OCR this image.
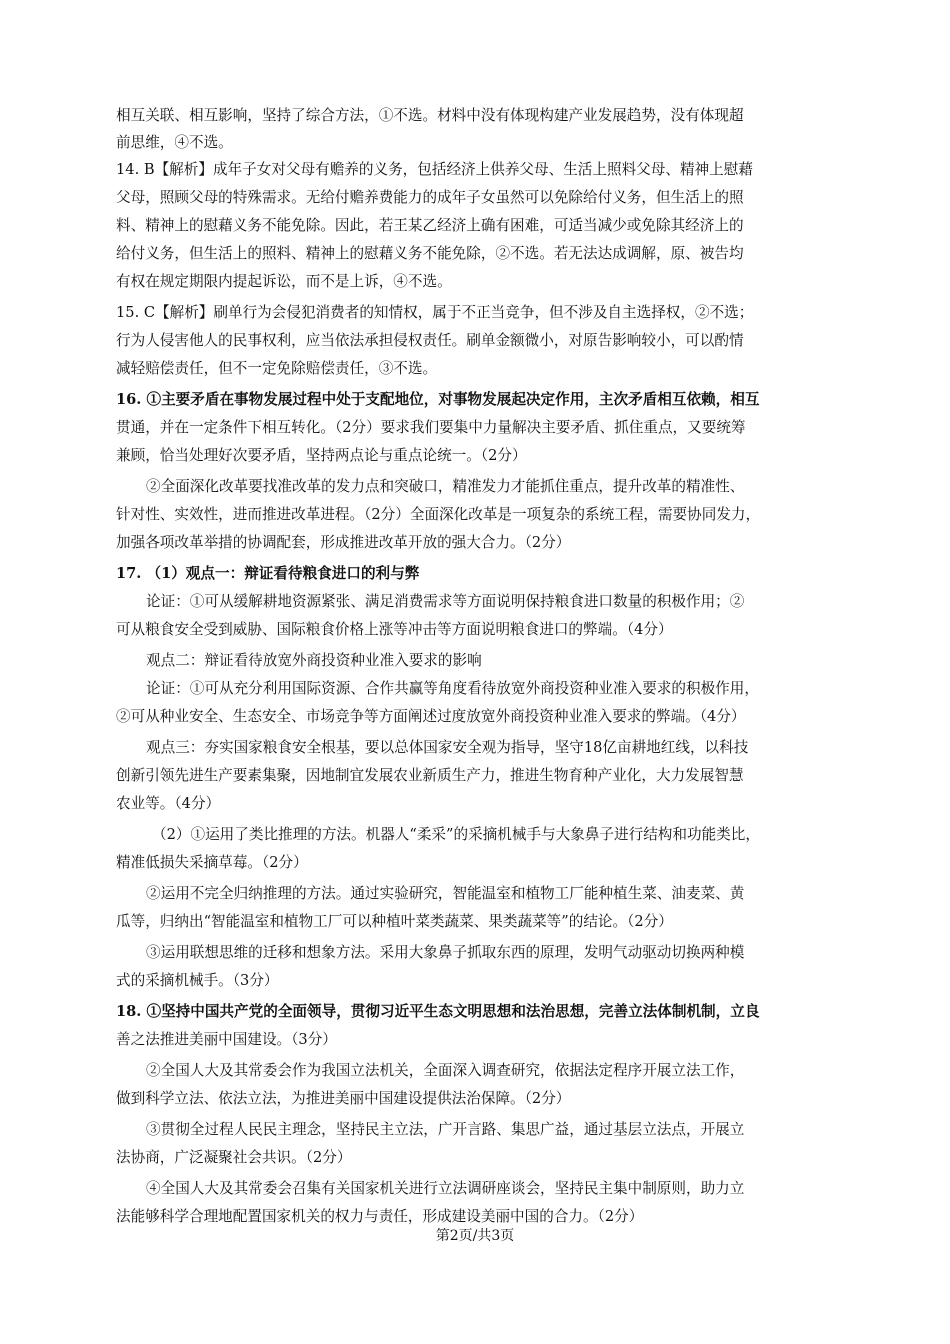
相互关联、相互影响，坚持了综合方法，①不选。材料中没有体现构建产业发展趋势，没有体现超
前思维，④不选。
14. B【解析】成年子女对父母有赡养的义务，包括经济上供养父母、生活上照料父母、精神上慰藉
父母，照顾父母的特殊需求。无给付赡养费能力的成年子女虽然可以免除给付义务，但生活上的照
料、精神上的慰藉义务不能免除。因此，若王某乙经济上确有困难，可适当减少或免除其经济上的
给付义务，但生活上的照料、精神上的慰藉义务不能免除，②不选。若无法达成调解，原、被告均
有权在规定期限内提起诉讼，而不是上诉，④不选。
15. C【解析】刷单行为会侵犯消费者的知情权，属于不正当竞争，但不涉及自主选择权，②不选；
行为人侵害他人的民事权利，应当依法承担侵权责任。刷单金额微小，对原告影响较小，可以酌情
减轻赔偿责任，但不一定免除赔偿责任，③不选。
16. ①主要矛盾在事物发展过程中处于支配地位，对事物发展起决定作用，主次矛盾相互依赖，相互
贯通，并在一定条件下相互转化。（2分）要求我们要集中力量解决主要矛盾、抓住重点，又要统筹
兼顾，恰当处理好次要矛盾，坚持两点论与重点论统一。（2分）
②全面深化改革要找准改革的发力点和突破口，精准发力才能抓住重点，提升改革的精准性、
针对性、实效性，进而推进改革进程。（2分）全面深化改革是一项复杂的系统工程，需要协同发力，
加强各项改革举措的协调配套，形成推进改革开放的强大合力。（2分）
17. （1）观点一：辩证看待粮食进口的利与弊
论证：①可从缓解耕地资源紧张、满足消费需求等方面说明保持粮食进口数量的积极作用；②
可从粮食安全受到威胁、国际粮食价格上涨等冲击等方面说明粮食进口的弊端。（4分）
观点二：辩证看待放宽外商投资种业准入要求的影响
论证：①可从充分利用国际资源、合作共赢等角度看待放宽外商投资种业准入要求的积极作用，
②可从种业安全、生态安全、市场竞争等方面阐述过度放宽外商投资种业准入要求的弊端。（4分）
观点三：夯实国家粮食安全根基，要以总体国家安全观为指导，坚守18亿亩耕地红线，以科技
创新引领先进生产要素集聚，因地制宜发展农业新质生产力，推进生物育种产业化，大力发展智慧
农业等。（4分）
（2）①运用了类比推理的方法。机器人“柔采”的采摘机械手与大象鼻子进行结构和功能类比，
精准低损失采摘草莓。（2分）
②运用不完全归纳推理的方法。通过实验研究，智能温室和植物工厂能种植生菜、油麦菜、黄
瓜等，归纳出“智能温室和植物工厂可以种植叶菜类蔬菜、果类蔬菜等”的结论。（2分）
③运用联想思维的迁移和想象方法。采用大象鼻子抓取东西的原理，发明气动驱动切换两种模
式的采摘机械手。（3分）
18. ①坚持中国共产党的全面领导，贯彻习近平生态文明思想和法治思想，完善立法体制机制，立良
善之法推进美丽中国建设。（3分）
②全国人大及其常委会作为我国立法机关，全面深入调查研究，依据法定程序开展立法工作，
做到科学立法、依法立法，为推进美丽中国建设提供法治保障。（2分）
③贯彻全过程人民民主理念，坚持民主立法，广开言路、集思广益，通过基层立法点，开展立
法协商，广泛凝聚社会共识。（2分）
④全国人大及其常委会召集有关国家机关进行立法调研座谈会，坚持民主集中制原则，助力立
法能够科学合理地配置国家机关的权力与责任，形成建设美丽中国的合力。（2分）
第2页/共3页
